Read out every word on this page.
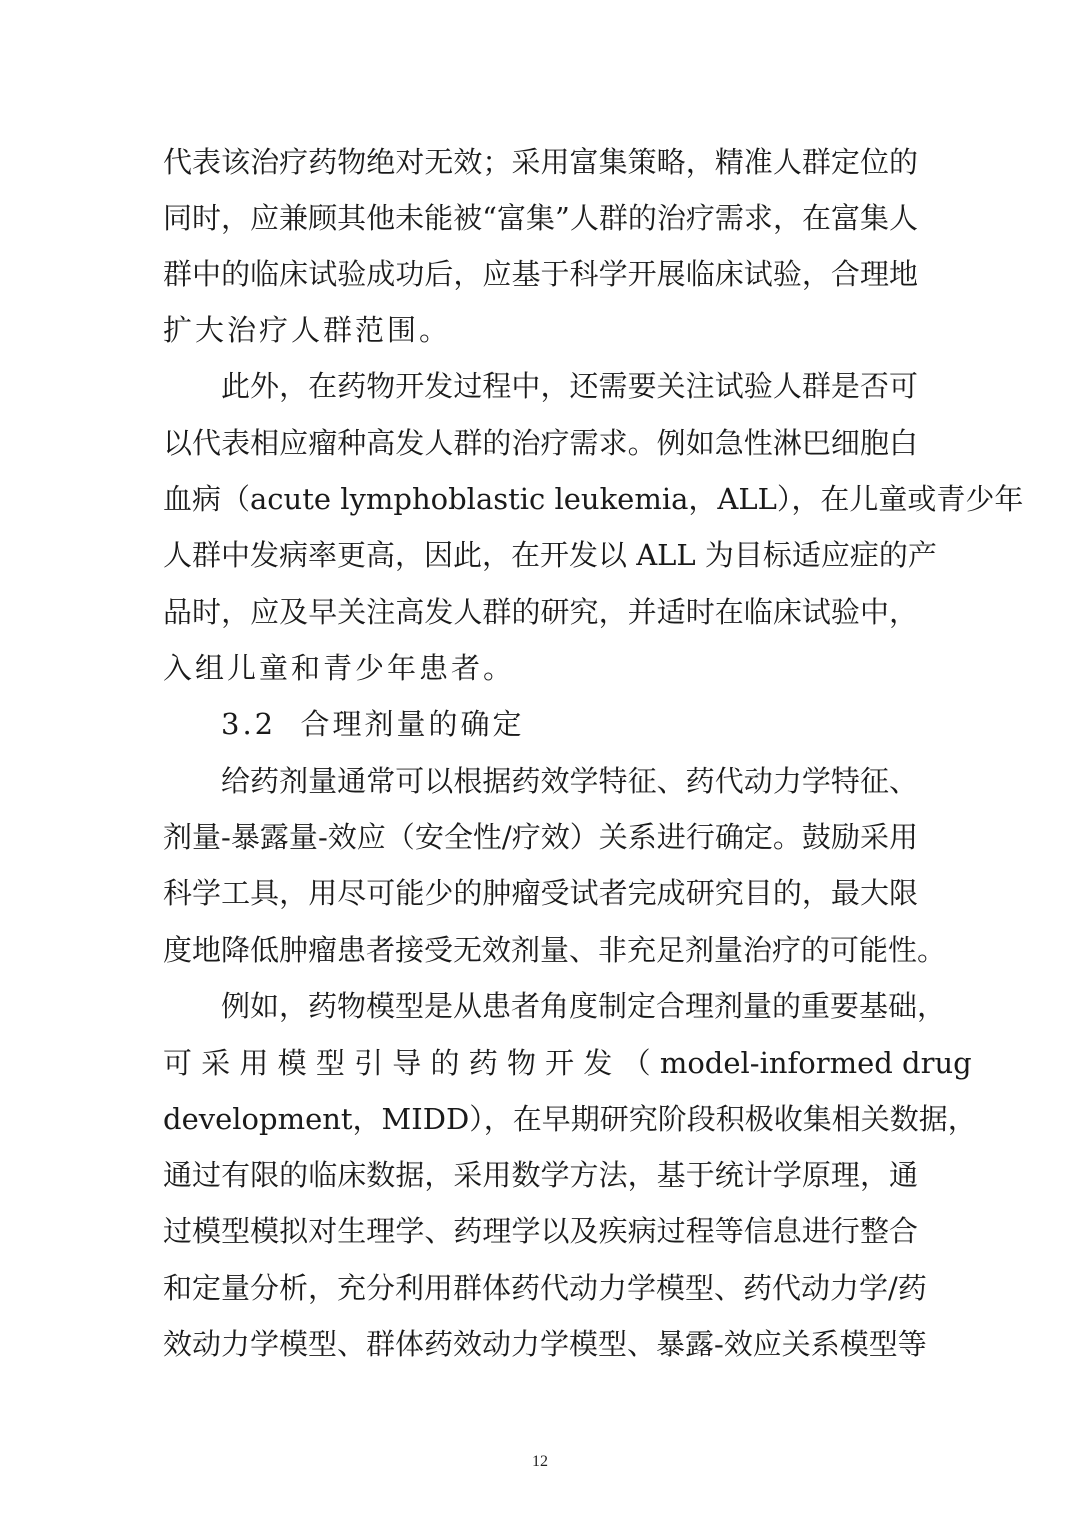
代表该治疗药物绝对无效；采用富集策略，精准人群定位的
同时，应兼顾其他未能被“富集”人群的治疗需求，在富集人
群中的临床试验成功后，应基于科学开展临床试验，合理地
扩大治疗人群范围。
此外，在药物开发过程中，还需要关注试验人群是否可
以代表相应瘤种高发人群的治疗需求。例如急性淋巴细胞白
血病（acute lymphoblastic leukemia，ALL），在儿童或青少年
人群中发病率更高，因此，在开发以 ALL 为目标适应症的产
品时，应及早关注高发人群的研究，并适时在临床试验中，
入组儿童和青少年患者。
3.2  合理剂量的确定
给药剂量通常可以根据药效学特征、药代动力学特征、
剂量-暴露量-效应（安全性/疗效）关系进行确定。鼓励采用
科学工具，用尽可能少的肿瘤受试者完成研究目的，最大限
度地降低肿瘤患者接受无效剂量、非充足剂量治疗的可能性。
例如，药物模型是从患者角度制定合理剂量的重要基础，
可 采 用 模 型 引 导 的 药 物 开 发 （ model-informed drug
development，MIDD），在早期研究阶段积极收集相关数据，
通过有限的临床数据，采用数学方法，基于统计学原理，通
过模型模拟对生理学、药理学以及疾病过程等信息进行整合
和定量分析，充分利用群体药代动力学模型、药代动力学/药
效动力学模型、群体药效动力学模型、暴露-效应关系模型等
12
